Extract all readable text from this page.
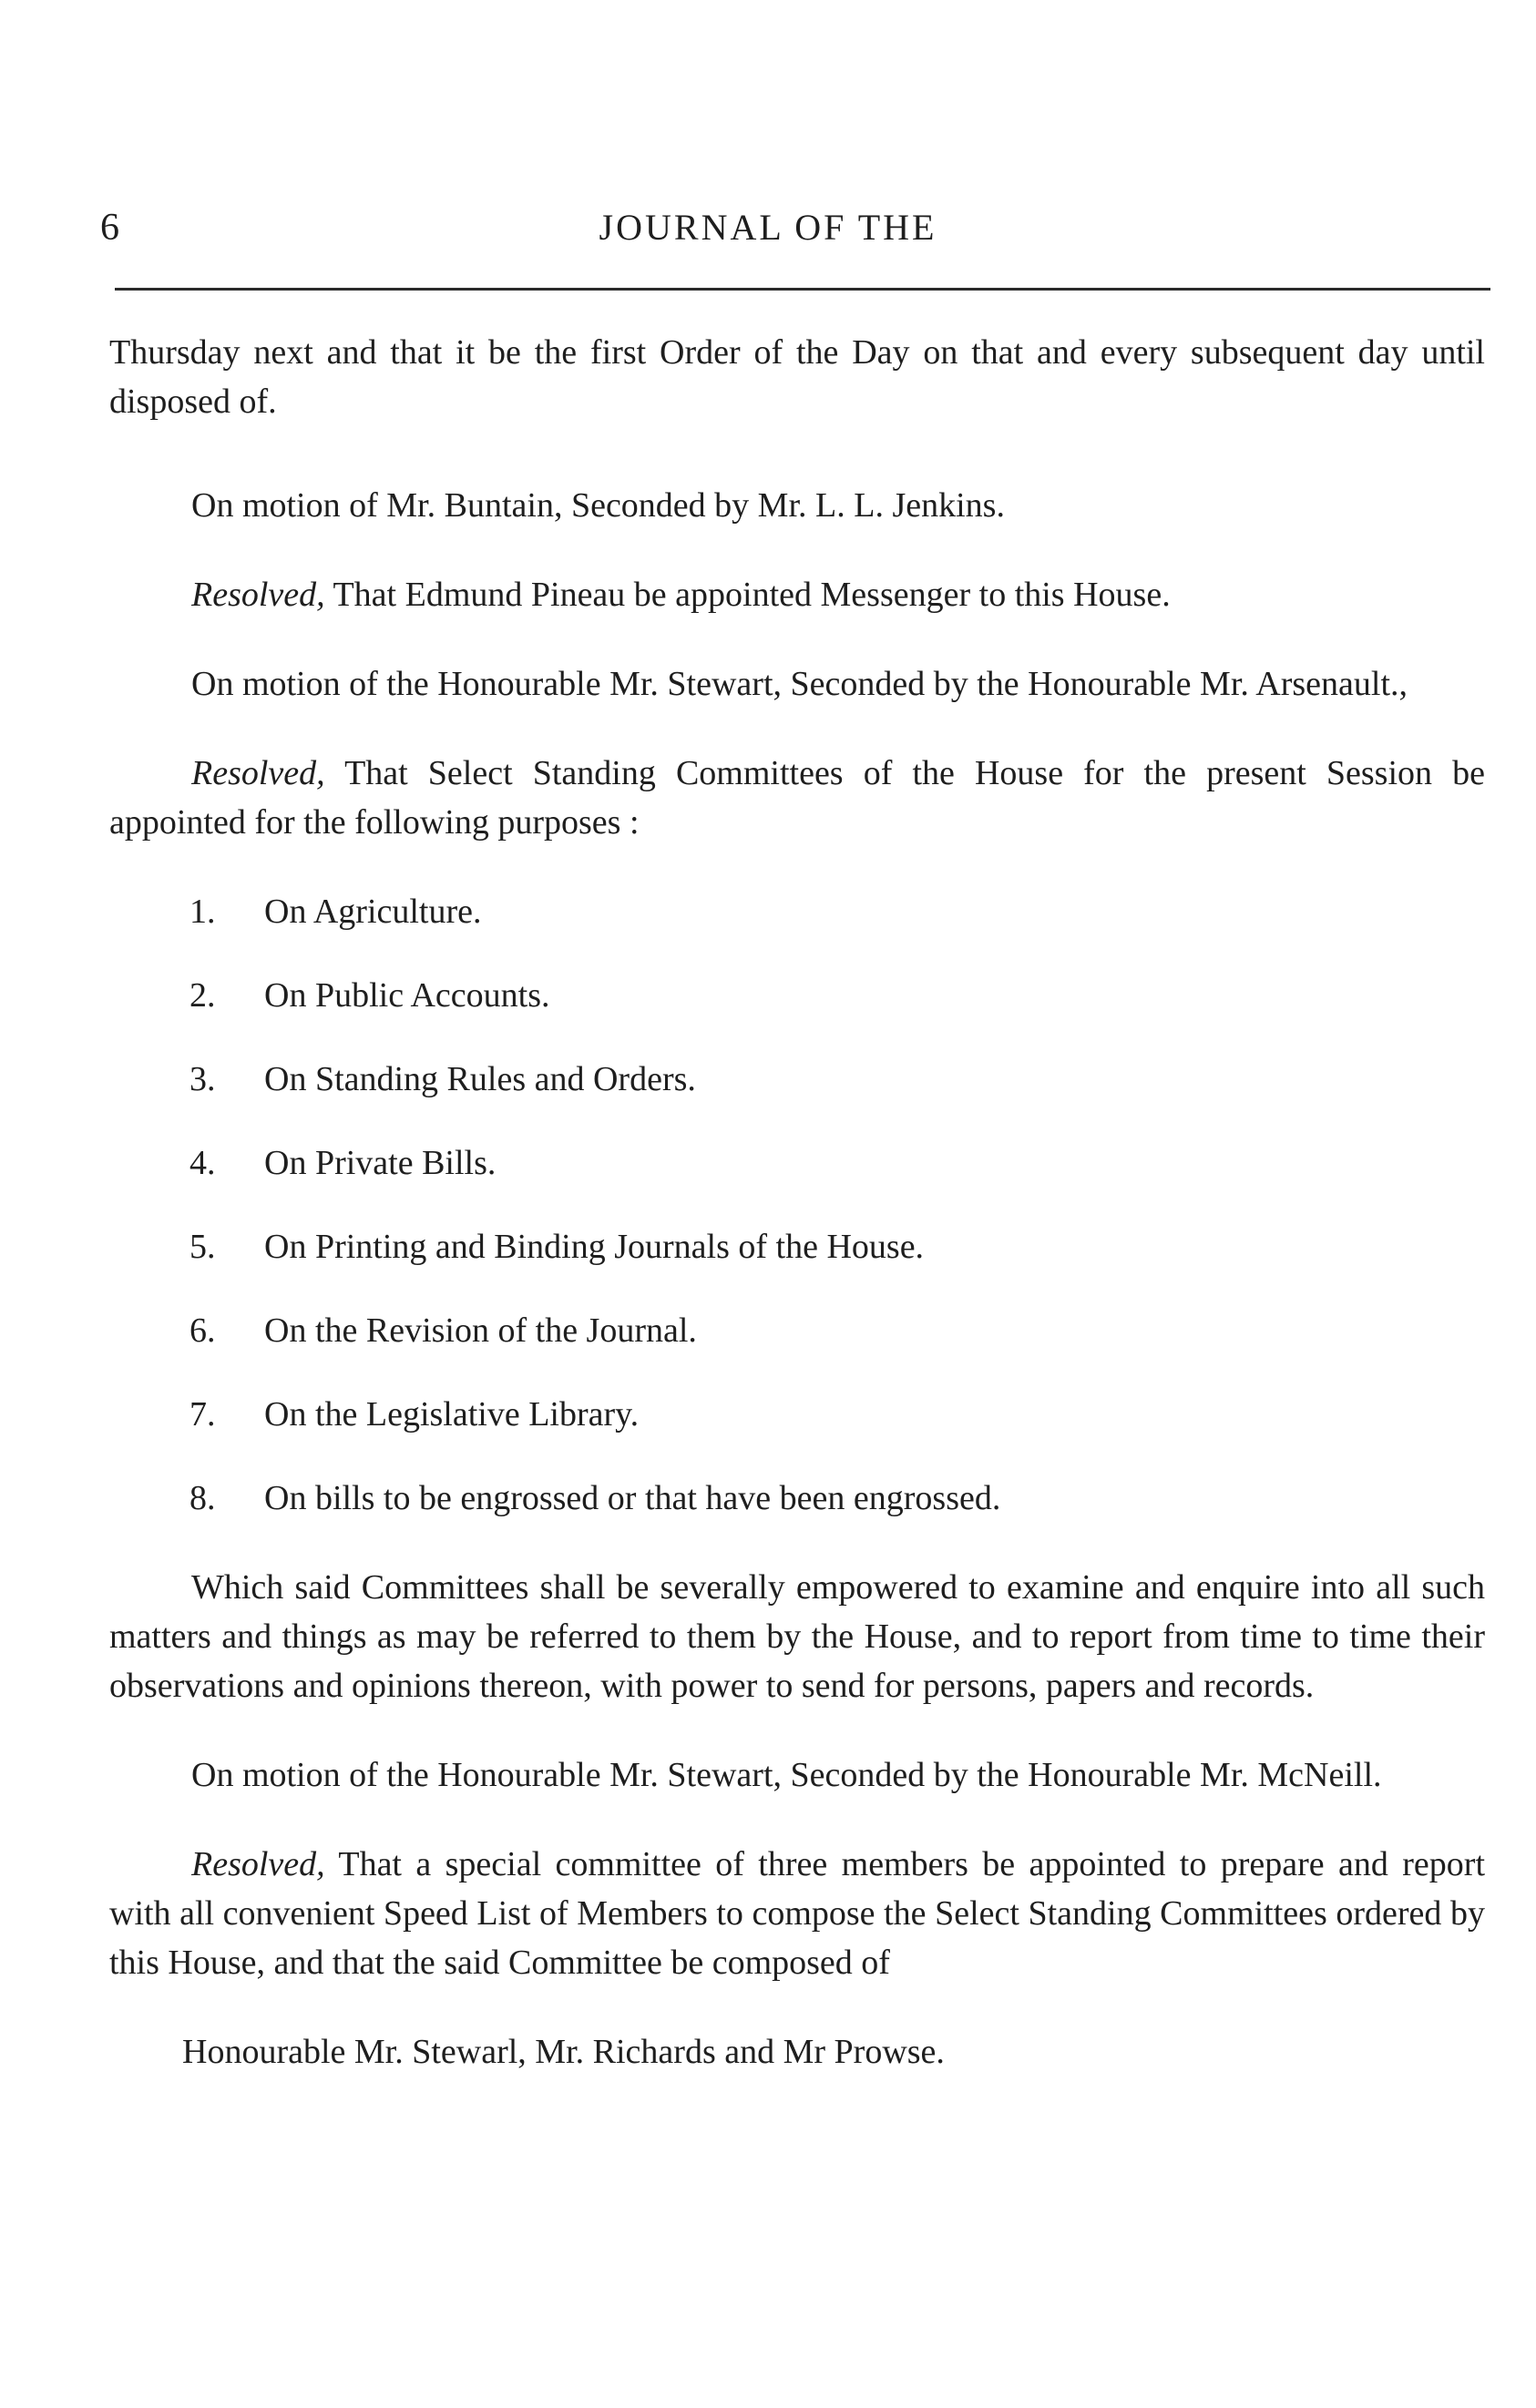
6	JOURNAL OF THE

Thursday next and that it be the first Order of the Day on that and every subsequent day until disposed of.

On motion of Mr. Buntain, Seconded by Mr. L. L. Jenkins.

Resolved, That Edmund Pineau be appointed Messenger to this House.

On motion of the Honourable Mr. Stewart, Seconded by the Honourable Mr. Arsenault.,

Resolved, That Select Standing Committees of the House for the present Session be appointed for the following purposes :

1. On Agriculture.
2. On Public Accounts.
3. On Standing Rules and Orders.
4. On Private Bills.
5. On Printing and Binding Journals of the House.
6. On the Revision of the Journal.
7. On the Legislative Library.
8. On bills to be engrossed or that have been engrossed.

Which said Committees shall be severally empowered to examine and enquire into all such matters and things as may be referred to them by the House, and to report from time to time their observations and opinions thereon, with power to send for persons, papers and records.

On motion of the Honourable Mr. Stewart, Seconded by the Honourable Mr. McNeill.

Resolved, That a special committee of three members be appointed to prepare and report with all convenient Speed List of Members to compose the Select Standing Committees ordered by this House, and that the said Committee be composed of

Honourable Mr. Stewarl, Mr. Richards and Mr Prowse.
